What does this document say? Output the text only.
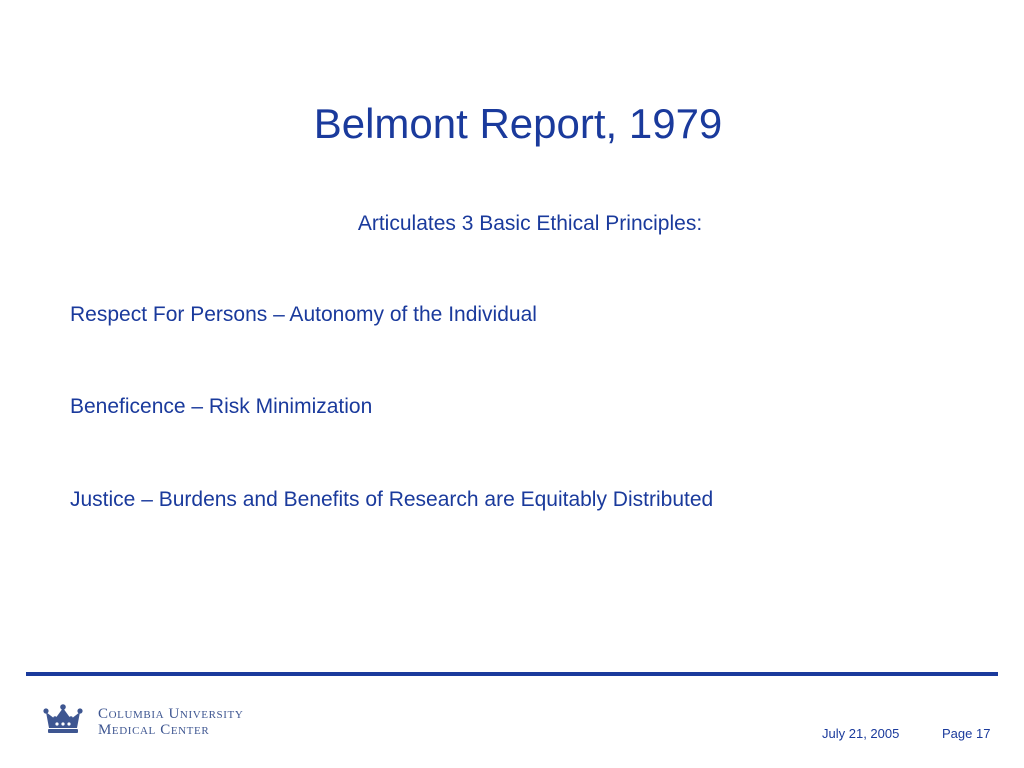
Belmont Report, 1979
Articulates 3 Basic Ethical Principles:
Respect For Persons – Autonomy of the Individual
Beneficence – Risk Minimization
Justice – Burdens and Benefits of Research are Equitably Distributed
Columbia University
Medical Center	July 21, 2005	Page 17
